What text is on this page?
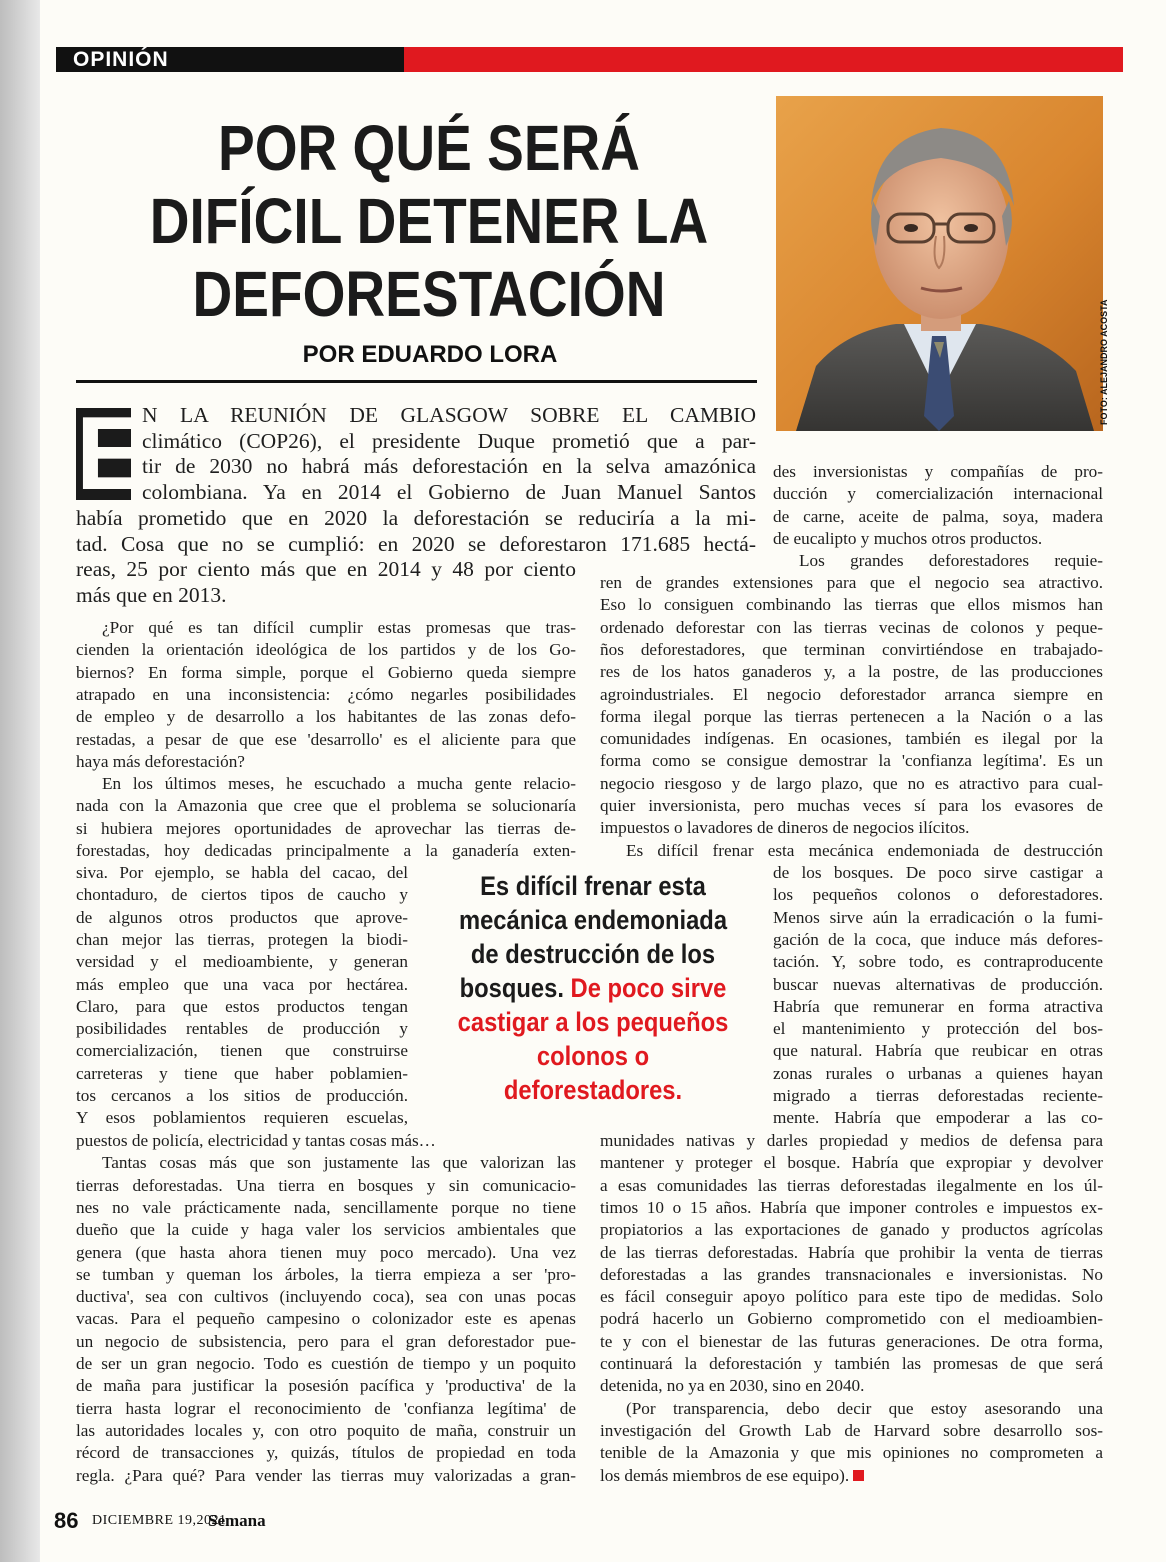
OPINIÓN
POR QUÉ SERÁ
DIFÍCIL DETENER LA
DEFORESTACIÓN
POR EDUARDO LORA	FOTO: ALEJANDRO ACOSTA
E
Es difícil frenar esta mecánica endemoniada de destrucción de los bosques. De poco sirve castigar a los pequeños colonos o deforestadores.
86 DICIEMBRE 19,2021
Semana
N LA REUNIÓN DE GLASGOW SOBRE EL CAMBIO
climático (COP26), el presidente Duque prometió que a par-
tir de 2030 no habrá más deforestación en la selva amazónica
colombiana. Ya en 2014 el Gobierno de Juan Manuel Santos
había prometido que en 2020 la deforestación se reduciría a la mi-
tad. Cosa que no se cumplió: en 2020 se deforestaron 171.685 hectá-
reas, 25 por ciento más que en 2014 y 48 por ciento
más que en 2013.
¿Por qué es tan difícil cumplir estas promesas que tras-
cienden la orientación ideológica de los partidos y de los Go-
biernos? En forma simple, porque el Gobierno queda siempre
atrapado en una inconsistencia: ¿cómo negarles posibilidades
de empleo y de desarrollo a los habitantes de las zonas defo-
restadas, a pesar de que ese 'desarrollo' es el aliciente para que
haya más deforestación?
En los últimos meses, he escuchado a mucha gente relacio-
nada con la Amazonia que cree que el problema se solucionaría
si hubiera mejores oportunidades de aprovechar las tierras de-
forestadas, hoy dedicadas principalmente a la ganadería exten-
siva. Por ejemplo, se habla del cacao, del
chontaduro, de ciertos tipos de caucho y
de algunos otros productos que aprove-
chan mejor las tierras, protegen la biodi-
versidad y el medioambiente, y generan
más empleo que una vaca por hectárea.
Claro, para que estos productos tengan
posibilidades rentables de producción y
comercialización, tienen que construirse
carreteras y tiene que haber poblamien-
tos cercanos a los sitios de producción.
Y esos poblamientos requieren escuelas,
puestos de policía, electricidad y tantas cosas más…
Tantas cosas más que son justamente las que valorizan las
tierras deforestadas. Una tierra en bosques y sin comunicacio-
nes no vale prácticamente nada, sencillamente porque no tiene
dueño que la cuide y haga valer los servicios ambientales que
genera (que hasta ahora tienen muy poco mercado). Una vez
se tumban y queman los árboles, la tierra empieza a ser 'pro-
ductiva', sea con cultivos (incluyendo coca), sea con unas pocas
vacas. Para el pequeño campesino o colonizador este es apenas
un negocio de subsistencia, pero para el gran deforestador pue-
de ser un gran negocio. Todo es cuestión de tiempo y un poquito
de maña para justificar la posesión pacífica y 'productiva' de la
tierra hasta lograr el reconocimiento de 'confianza legítima' de
las autoridades locales y, con otro poquito de maña, construir un
récord de transacciones y, quizás, títulos de propiedad en toda
regla. ¿Para qué? Para vender las tierras muy valorizadas a gran-
des inversionistas y compañías de pro-
ducción y comercialización internacional
de carne, aceite de palma, soya, madera
de eucalipto y muchos otros productos.
Los grandes deforestadores requie-
ren de grandes extensiones para que el negocio sea atractivo.
Eso lo consiguen combinando las tierras que ellos mismos han
ordenado deforestar con las tierras vecinas de colonos y peque-
ños deforestadores, que terminan convirtiéndose en trabajado-
res de los hatos ganaderos y, a la postre, de las producciones
agroindustriales. El negocio deforestador arranca siempre en
forma ilegal porque las tierras pertenecen a la Nación o a las
comunidades indígenas. En ocasiones, también es ilegal por la
forma como se consigue demostrar la 'confianza legítima'. Es un
negocio riesgoso y de largo plazo, que no es atractivo para cual-
quier inversionista, pero muchas veces sí para los evasores de
impuestos o lavadores de dineros de negocios ilícitos.
Es difícil frenar esta mecánica endemoniada de destrucción
de los bosques. De poco sirve castigar a
los pequeños colonos o deforestadores.
Menos sirve aún la erradicación o la fumi-
gación de la coca, que induce más defores-
tación. Y, sobre todo, es contraproducente
buscar nuevas alternativas de producción.
Habría que remunerar en forma atractiva
el mantenimiento y protección del bos-
que natural. Habría que reubicar en otras
zonas rurales o urbanas a quienes hayan
migrado a tierras deforestadas reciente-
mente. Habría que empoderar a las co-
munidades nativas y darles propiedad y medios de defensa para
mantener y proteger el bosque. Habría que expropiar y devolver
a esas comunidades las tierras deforestadas ilegalmente en los úl-
timos 10 o 15 años. Habría que imponer controles e impuestos ex-
propiatorios a las exportaciones de ganado y productos agrícolas
de las tierras deforestadas. Habría que prohibir la venta de tierras
deforestadas a las grandes transnacionales e inversionistas. No
es fácil conseguir apoyo político para este tipo de medidas. Solo
podrá hacerlo un Gobierno comprometido con el medioambien-
te y con el bienestar de las futuras generaciones. De otra forma,
continuará la deforestación y también las promesas de que será
detenida, no ya en 2030, sino en 2040.
(Por transparencia, debo decir que estoy asesorando una
investigación del Growth Lab de Harvard sobre desarrollo sos-
tenible de la Amazonia y que mis opiniones no comprometen a
los demás miembros de ese equipo).
